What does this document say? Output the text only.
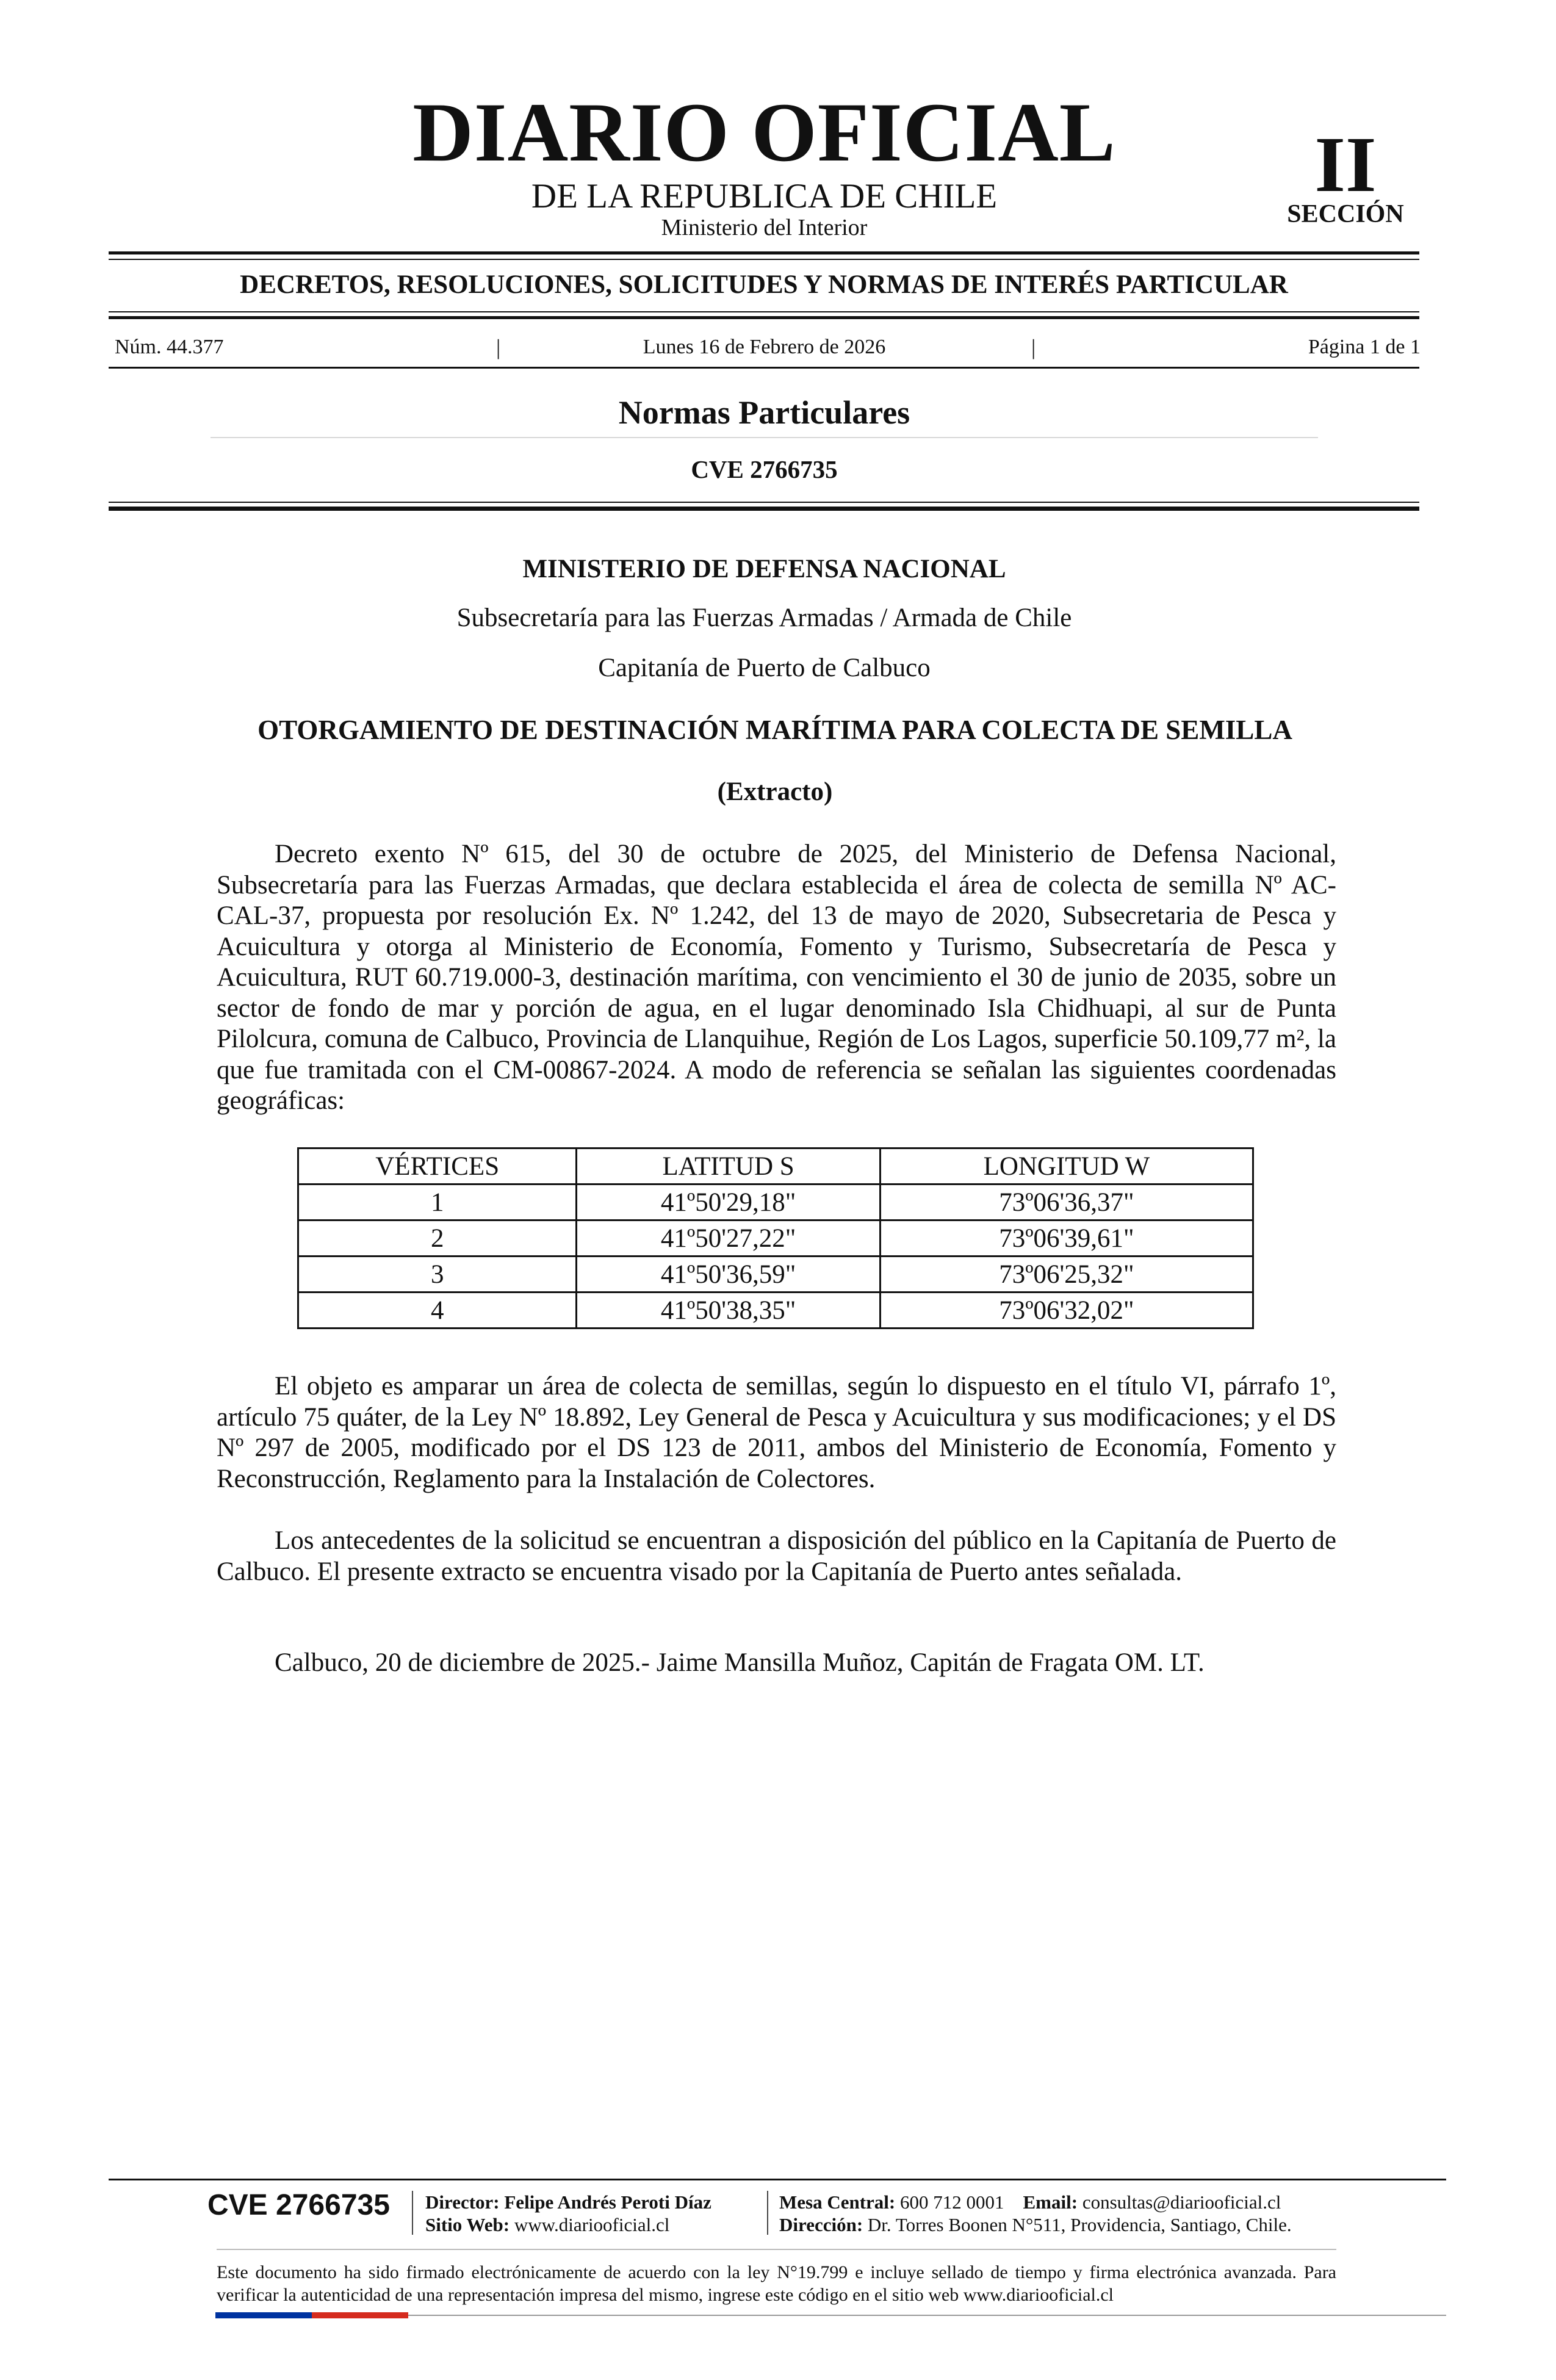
DIARIO OFICIAL
DE LA REPUBLICA DE CHILE
Ministerio del Interior
II
SECCIÓN
DECRETOS, RESOLUCIONES, SOLICITUDES Y NORMAS DE INTERÉS PARTICULAR
Núm. 44.377	|	Lunes 16 de Febrero de 2026	|	Página 1 de 1
Normas Particulares
CVE 2766735
MINISTERIO DE DEFENSA NACIONAL
Subsecretaría para las Fuerzas Armadas / Armada de Chile
Capitanía de Puerto de Calbuco
OTORGAMIENTO DE DESTINACIÓN MARÍTIMA PARA COLECTA DE SEMILLA
(Extracto)
Decreto exento Nº 615, del 30 de octubre de 2025, del Ministerio de Defensa Nacional, Subsecretaría para las Fuerzas Armadas, que declara establecida el área de colecta de semilla Nº AC-CAL-37, propuesta por resolución Ex. Nº 1.242, del 13 de mayo de 2020, Subsecretaria de Pesca y Acuicultura y otorga al Ministerio de Economía, Fomento y Turismo, Subsecretaría de Pesca y Acuicultura, RUT 60.719.000-3, destinación marítima, con vencimiento el 30 de junio de 2035, sobre un sector de fondo de mar y porción de agua, en el lugar denominado Isla Chidhuapi, al sur de Punta Pilolcura, comuna de Calbuco, Provincia de Llanquihue, Región de Los Lagos, superficie 50.109,77 m², la que fue tramitada con el CM-00867-2024. A modo de referencia se señalan las siguientes coordenadas geográficas:
VÉRTICES	LATITUD S	LONGITUD W
1	41º50'29,18"	73º06'36,37"
2	41º50'27,22"	73º06'39,61"
3	41º50'36,59"	73º06'25,32"
4	41º50'38,35"	73º06'32,02"
El objeto es amparar un área de colecta de semillas, según lo dispuesto en el título VI, párrafo 1º, artículo 75 quáter, de la Ley Nº 18.892, Ley General de Pesca y Acuicultura y sus modificaciones; y el DS Nº 297 de 2005, modificado por el DS 123 de 2011, ambos del Ministerio de Economía, Fomento y Reconstrucción, Reglamento para la Instalación de Colectores.
Los antecedentes de la solicitud se encuentran a disposición del público en la Capitanía de Puerto de Calbuco. El presente extracto se encuentra visado por la Capitanía de Puerto antes señalada.
Calbuco, 20 de diciembre de 2025.- Jaime Mansilla Muñoz, Capitán de Fragata OM. LT.
CVE 2766735 Director: Felipe Andrés Peroti Díaz
Sitio Web: www.diariooficial.cl
Mesa Central: 600 712 0001 Email: consultas@diariooficial.cl
Dirección: Dr. Torres Boonen N°511, Providencia, Santiago, Chile.
Este documento ha sido firmado electrónicamente de acuerdo con la ley N°19.799 e incluye sellado de tiempo y firma electrónica avanzada. Para verificar la autenticidad de una representación impresa del mismo, ingrese este código en el sitio web www.diariooficial.cl
